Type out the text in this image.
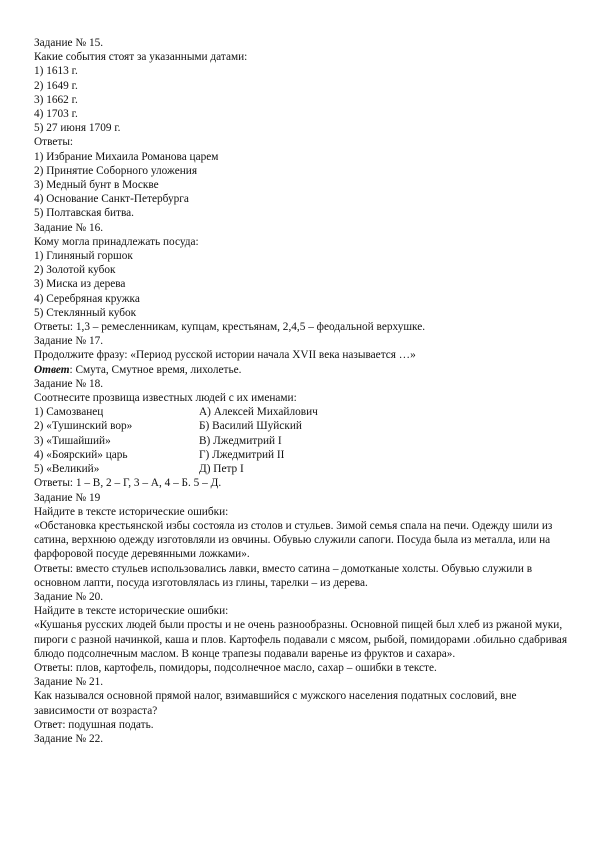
Задание № 15.
Какие события стоят за указанными датами:
1) 1613 г.
2) 1649 г.
3) 1662 г.
4) 1703 г.
5) 27 июня 1709 г.
Ответы:
1) Избрание Михаила Романова царем
2) Принятие Соборного уложения
3) Медный бунт в Москве
4) Основание Санкт-Петербурга
5) Полтавская битва.
Задание № 16.
Кому могла принадлежать посуда:
1) Глиняный горшок
2) Золотой кубок
3) Миска из дерева
4) Серебряная кружка
5) Стеклянный кубок
Ответы: 1,3 – ремесленникам, купцам, крестьянам, 2,4,5 – феодальной верхушке.
Задание № 17.
Продолжите фразу: «Период русской истории начала XVII века называется …»
Ответ: Смута, Смутное время, лихолетье.
Задание № 18.
Соотнесите прозвища известных людей с их именами:
1) Самозванец	А) Алексей Михайлович
2) «Тушинский вор»	Б) Василий Шуйский
3) «Тишайший»	В) Лжедмитрий I
4) «Боярский» царь	Г) Лжедмитрий II
5) «Великий»	Д) Петр I
Ответы: 1 – В, 2 – Г, 3 – А, 4 – Б. 5 – Д.
Задание № 19
Найдите в тексте исторические ошибки:
«Обстановка крестьянской избы состояла из столов и стульев. Зимой семья спала на печи. Одежду шили из сатина, верхнюю одежду изготовляли из овчины. Обувью служили сапоги. Посуда была из металла, или на фарфоровой посуде деревянными ложками».
Ответы: вместо стульев использовались лавки, вместо сатина – домотканые холсты. Обувью служили в основном лапти, посуда изготовлялась из глины, тарелки – из дерева.
Задание № 20.
Найдите в тексте исторические ошибки:
«Кушанья русских людей были просты и не очень разнообразны. Основной пищей был хлеб из ржаной муки, пироги с разной начинкой, каша и плов. Картофель подавали с мясом, рыбой, помидорами .обильно сдабривая блюдо подсолнечным маслом. В конце трапезы подавали варенье из фруктов и сахара».
Ответы: плов, картофель, помидоры, подсолнечное масло, сахар – ошибки в тексте.
Задание № 21.
Как назывался основной прямой налог, взимавшийся с мужского населения податных сословий, вне зависимости от возраста?
Ответ: подушная подать.
Задание № 22.
